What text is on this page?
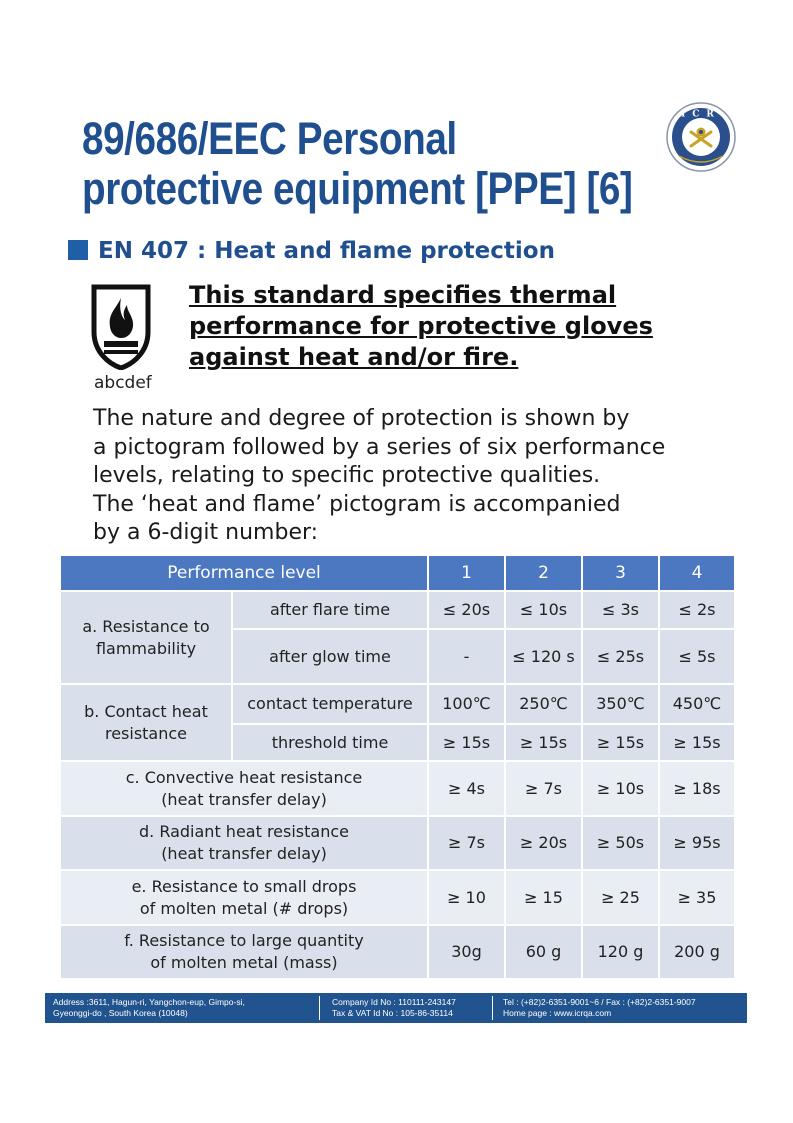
89/686/EEC Personal
protective equipment [PPE] [6]
ICR
EN 407 : Heat and flame protection
abcdef

This standard specifies thermal performance for protective gloves against heat and/or fire.

The nature and degree of protection is shown by
a pictogram followed by a series of six performance
levels, relating to specific protective qualities.
The ‘heat and flame’ pictogram is accompanied
by a 6-digit number:

Performance level		1	2	3	4
a. Resistance to flammability	after flare time	≤ 20s	≤ 10s	≤ 3s	≤ 2s
	after glow time	-	≤ 120 s	≤ 25s	≤ 5s
b. Contact heat resistance	contact temperature	100℃	250℃	350℃	450℃
	threshold time	≥ 15s	≥ 15s	≥ 15s	≥ 15s
c. Convective heat resistance
(heat transfer delay)		≥ 4s	≥ 7s	≥ 10s	≥ 18s
d. Radiant heat resistance
(heat transfer delay)		≥ 7s	≥ 20s	≥ 50s	≥ 95s
e. Resistance to small drops
of molten metal (# drops)		≥ 10	≥ 15	≥ 25	≥ 35
f. Resistance to large quantity
of molten metal (mass)		30g	60 g	120 g	200 g
Address :3611, Hagun-ri, Yangchon-eup, Gimpo-si,
Gyeonggi-do , South Korea (10048)
Company Id No : 110111-243147
Tax & VAT Id No : 105-86-35114
Tel : (+82)2-6351-9001~6 / Fax : (+82)2-6351-9007
Home page : www.icrqa.com
